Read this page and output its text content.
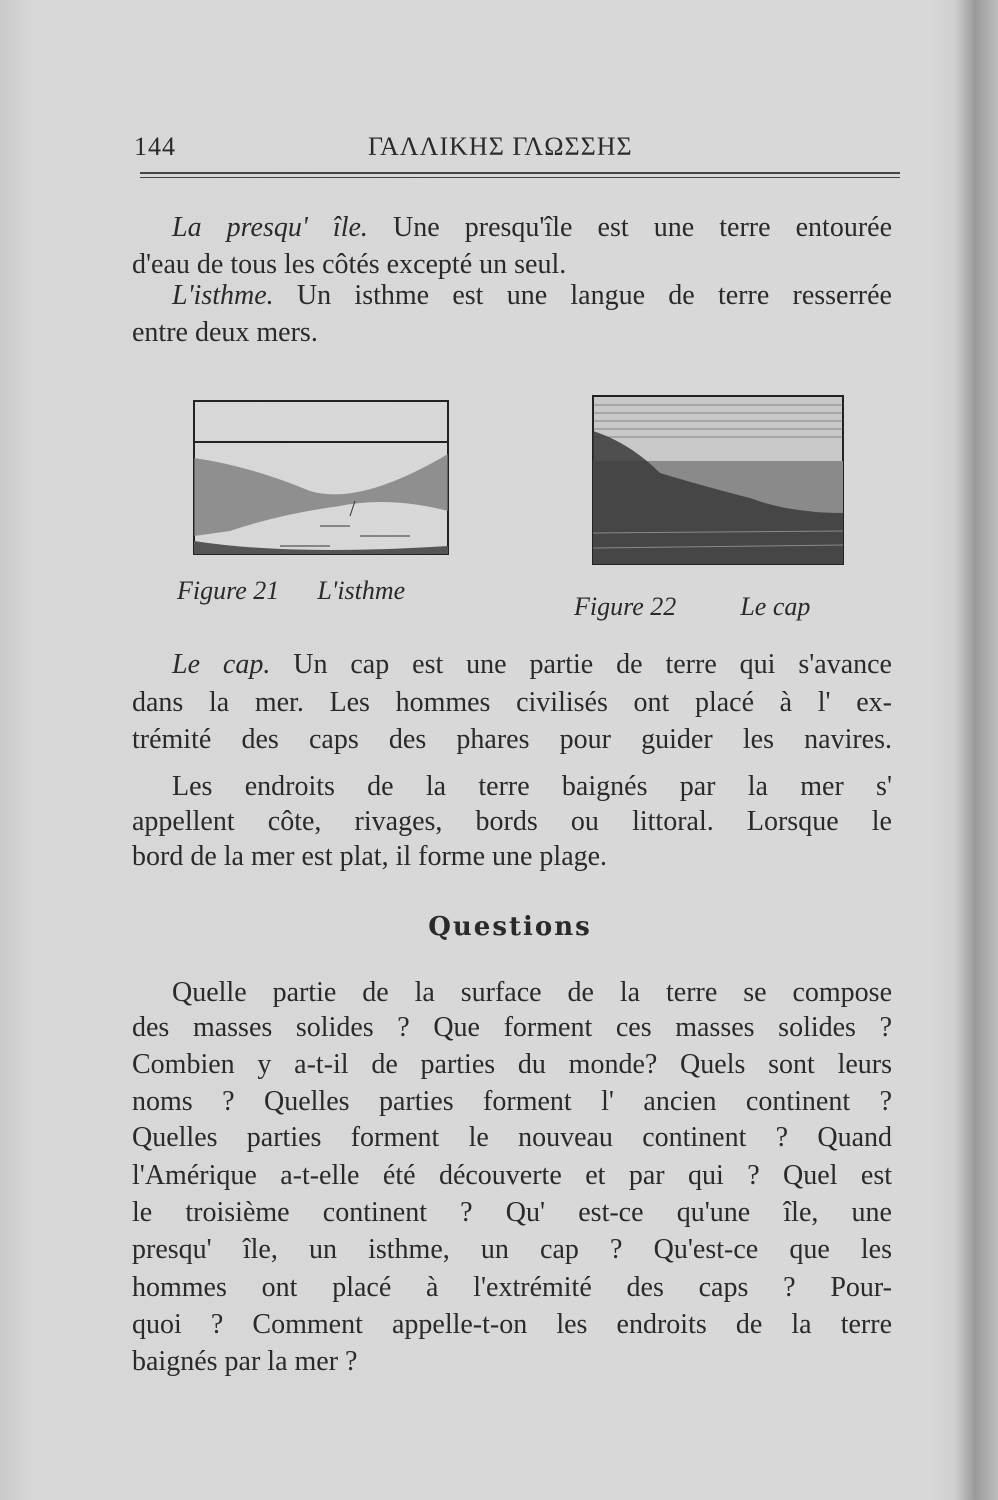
144	ΓΑΛΛΙΚΗΣ ΓΛΩΣΣΗΣ
La presqu' île. Une presqu'île est une terre entourée
d'eau de tous les côtés excepté un seul.
L'isthme. Un isthme est une langue de terre resserrée
entre deux mers.
Figure 21 L'isthme
Figure 22 Le cap
Le cap. Un cap est une partie de terre qui s'avance
dans la mer. Les hommes civilisés ont placé à l' ex-
trémité des caps des phares pour guider les navires.
Les endroits de la terre baignés par la mer s'
appellent côte, rivages, bords ou littoral. Lorsque le
bord de la mer est plat, il forme une plage.
Questions
Quelle partie de la surface de la terre se compose
des masses solides ? Que forment ces masses solides ?
Combien y a-t-il de parties du monde? Quels sont leurs
noms ? Quelles parties forment l' ancien continent ?
Quelles parties forment le nouveau continent ? Quand
l'Amérique a-t-elle été découverte et par qui ? Quel est
le troisième continent ? Qu' est-ce qu'une île, une
presqu' île, un isthme, un cap ? Qu'est-ce que les
hommes ont placé à l'extrémité des caps ? Pour-
quoi ? Comment appelle-t-on les endroits de la terre
baignés par la mer ?
